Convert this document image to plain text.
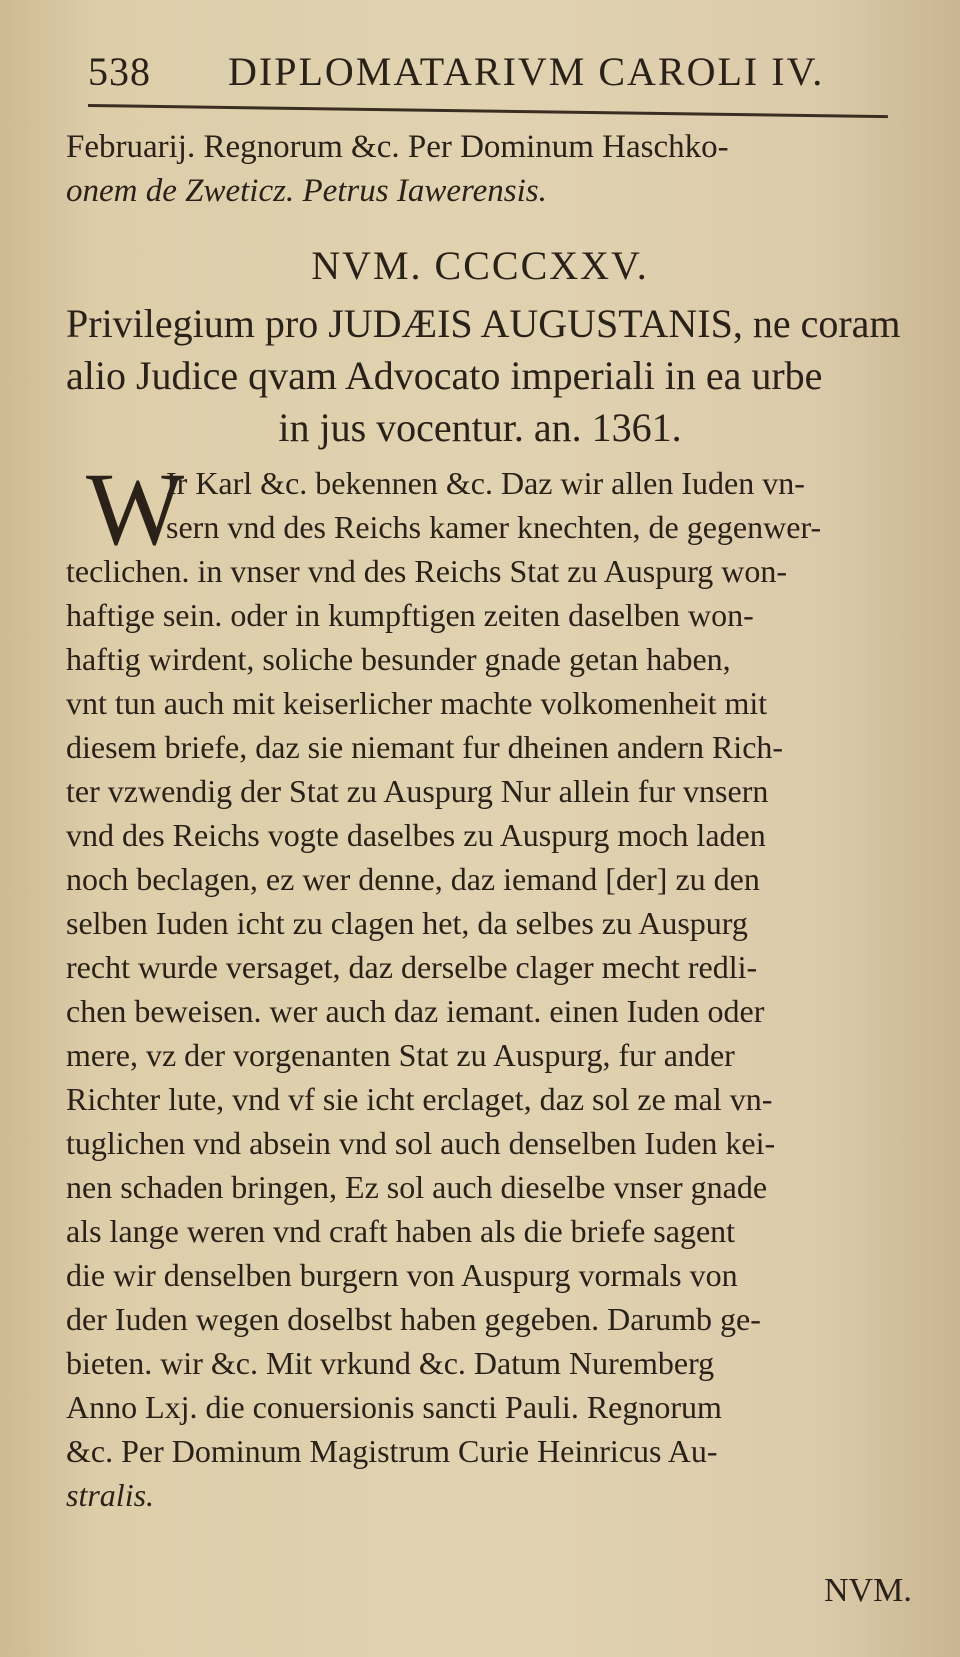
538 DIPLOMATARIVM CAROLI IV.
Februarij. Regnorum &c. Per Dominum Haschko-
onem de Zweticz. Petrus Iawerensis.
NVM. CCCCXXV.
Privilegium pro JUDÆIS AUGUSTANIS, ne coram
alio Judice qvam Advocato imperiali in ea urbe
in jus vocentur. an. 1361.
W
Ir Karl &c. bekennen &c. Daz wir allen Iuden vn-
sern vnd des Reichs kamer knechten, de gegenwer-
teclichen. in vnser vnd des Reichs Stat zu Auspurg won-
haftige sein. oder in kumpftigen zeiten daselben won-
haftig wirdent, soliche besunder gnade getan haben,
vnt tun auch mit keiserlicher machte volkomenheit mit
diesem briefe, daz sie niemant fur dheinen andern Rich-
ter vzwendig der Stat zu Auspurg Nur allein fur vnsern
vnd des Reichs vogte daselbes zu Auspurg moch laden
noch beclagen, ez wer denne, daz iemand [der] zu den
selben Iuden icht zu clagen het, da selbes zu Auspurg
recht wurde versaget, daz derselbe clager mecht redli-
chen beweisen. wer auch daz iemant. einen Iuden oder
mere, vz der vorgenanten Stat zu Auspurg, fur ander
Richter lute, vnd vf sie icht erclaget, daz sol ze mal vn-
tuglichen vnd absein vnd sol auch denselben Iuden kei-
nen schaden bringen, Ez sol auch dieselbe vnser gnade
als lange weren vnd craft haben als die briefe sagent
die wir denselben burgern von Auspurg vormals von
der Iuden wegen doselbst haben gegeben. Darumb ge-
bieten. wir &c. Mit vrkund &c. Datum Nuremberg
Anno Lxj. die conuersionis sancti Pauli. Regnorum
&c. Per Dominum Magistrum Curie Heinricus Au-
stralis.
NVM.
